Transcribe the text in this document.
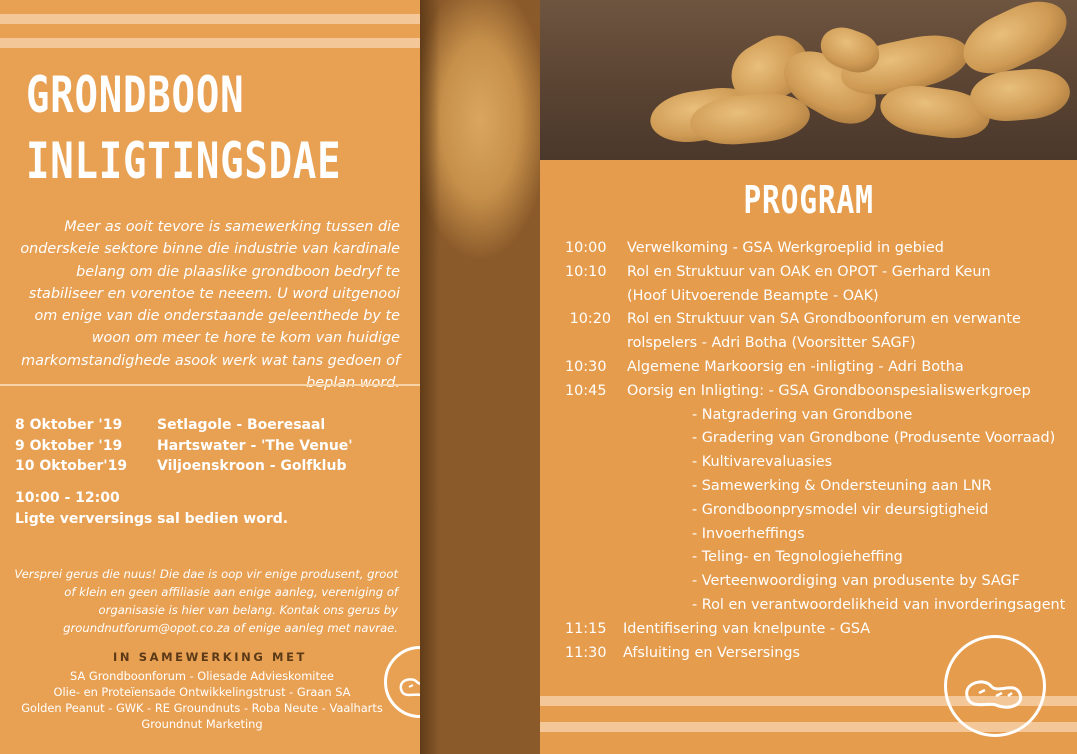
GRONDBOON
INLIGTINGSDAE
Meer as ooit tevore is samewerking tussen die onderskeie sektore binne die industrie van kardinale belang om die plaaslike grondboon bedryf te stabiliseer en vorentoe te neeem. U word uitgenooi om enige van die onderstaande geleenthede by te woon om meer te hore te kom van huidige markomstandighede asook werk wat tans gedoen of
8 Oktober '19	Setlagole - Boeresaal
9 Oktober '19	Hartswater - 'The Venue'
10 Oktober'19	Viljoenskroon - Golfklub
10:00 - 12:00
Ligte verversings sal bedien word.
Versprei gerus die nuus! Die dae is oop vir enige produsent, groot of klein en geen affiliasie aan enige aanleg, vereniging of organisasie is hier van belang. Kontak ons gerus by groundnutforum@opot.co.za of enige aanleg met navrae.
IN SAMEWERKING MET
SA Grondboonforum - Oliesade Advieskomitee
Olie- en Proteïensade Ontwikkelingstrust - Graan SA
Golden Peanut - GWK - RE Groundnuts - Roba Neute - Vaalharts
Groundnut Marketing
PROGRAM
10:00 Verwelkoming - GSA Werkgroeplid in gebied
10:10 Rol en Struktuur van OAK en OPOT - Gerhard Keun
(Hoof Uitvoerende Beampte - OAK)
10:20 Rol en Struktuur van SA Grondboonforum en verwante
rolspelers - Adri Botha (Voorsitter SAGF)
10:30 Algemene Markoorsig en -inligting - Adri Botha
10:45 Oorsig en Inligting: - GSA Grondboonspesialiswerkgroep
- Natgradering van Grondbone
- Gradering van Grondbone (Produsente Voorraad)
- Kultivarevaluasies
- Samewerking & Ondersteuning aan LNR
- Grondboonprysmodel vir deursigtigheid
- Invoerheffings
- Teling- en Tegnologieheffing
- Verteenwoordiging van produsente by SAGF
- Rol en verantwoordelikheid van invorderingsagent
11:15 Identifisering van knelpunte - GSA
11:30 Afsluiting en Versersings
